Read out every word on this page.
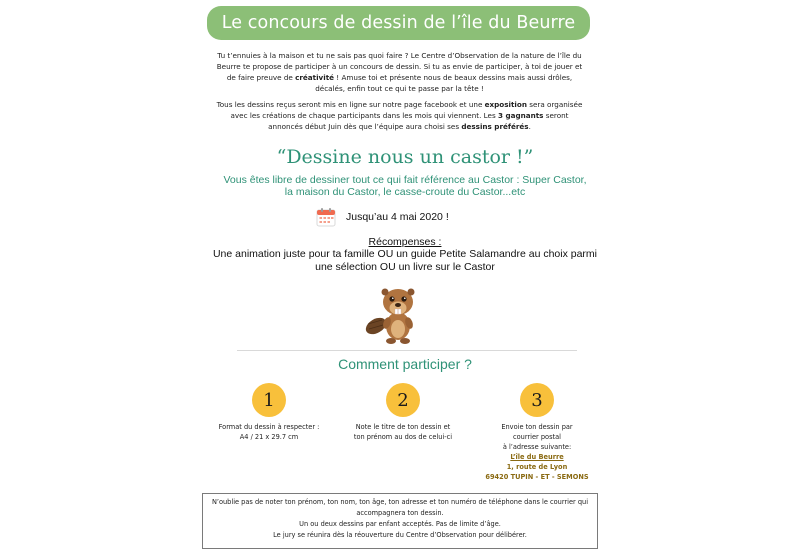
Le concours de dessin de l’île du Beurre
Tu t’ennuies à la maison et tu ne sais pas quoi faire ? Le Centre d’Observation de la nature de l’île du Beurre te propose de participer à un concours de dessin. Si tu as envie de participer, à toi de jouer et de faire preuve de créativité ! Amuse toi et présente nous de beaux dessins mais aussi drôles, décalés, enfin tout ce qui te passe par la tête !
Tous les dessins reçus seront mis en ligne sur notre page facebook et une exposition sera organisée avec les créations de chaque participants dans les mois qui viennent. Les 3 gagnants seront annoncés début Juin dès que l’équipe aura choisi ses dessins préférés.
“Dessine nous un castor !”
Vous êtes libre de dessiner tout ce qui fait référence au Castor : Super Castor, la maison du Castor, le casse-croute du Castor...etc
Jusqu’au 4 mai 2020 !
Récompenses :
Une animation juste pour ta famille OU un guide Petite Salamandre au choix parmi une sélection OU un livre sur le Castor
Comment participer ?
1	2	3
Format du dessin à respecter :
A4 / 21 x 29.7 cm
Note le titre de ton dessin et
ton prénom au dos de celui-ci
Envoie ton dessin par
courrier postal
à l’adresse suivante:
L’île du Beurre
1, route de Lyon
69420 TUPIN - ET - SEMONS

N’oublie pas de noter ton prénom, ton nom, ton âge, ton adresse et ton numéro de téléphone dans le courrier qui accompagnera ton dessin.

Un ou deux dessins par enfant acceptés. Pas de limite d’âge.

Le jury se réunira dès la réouverture du Centre d’Observation pour délibérer.
